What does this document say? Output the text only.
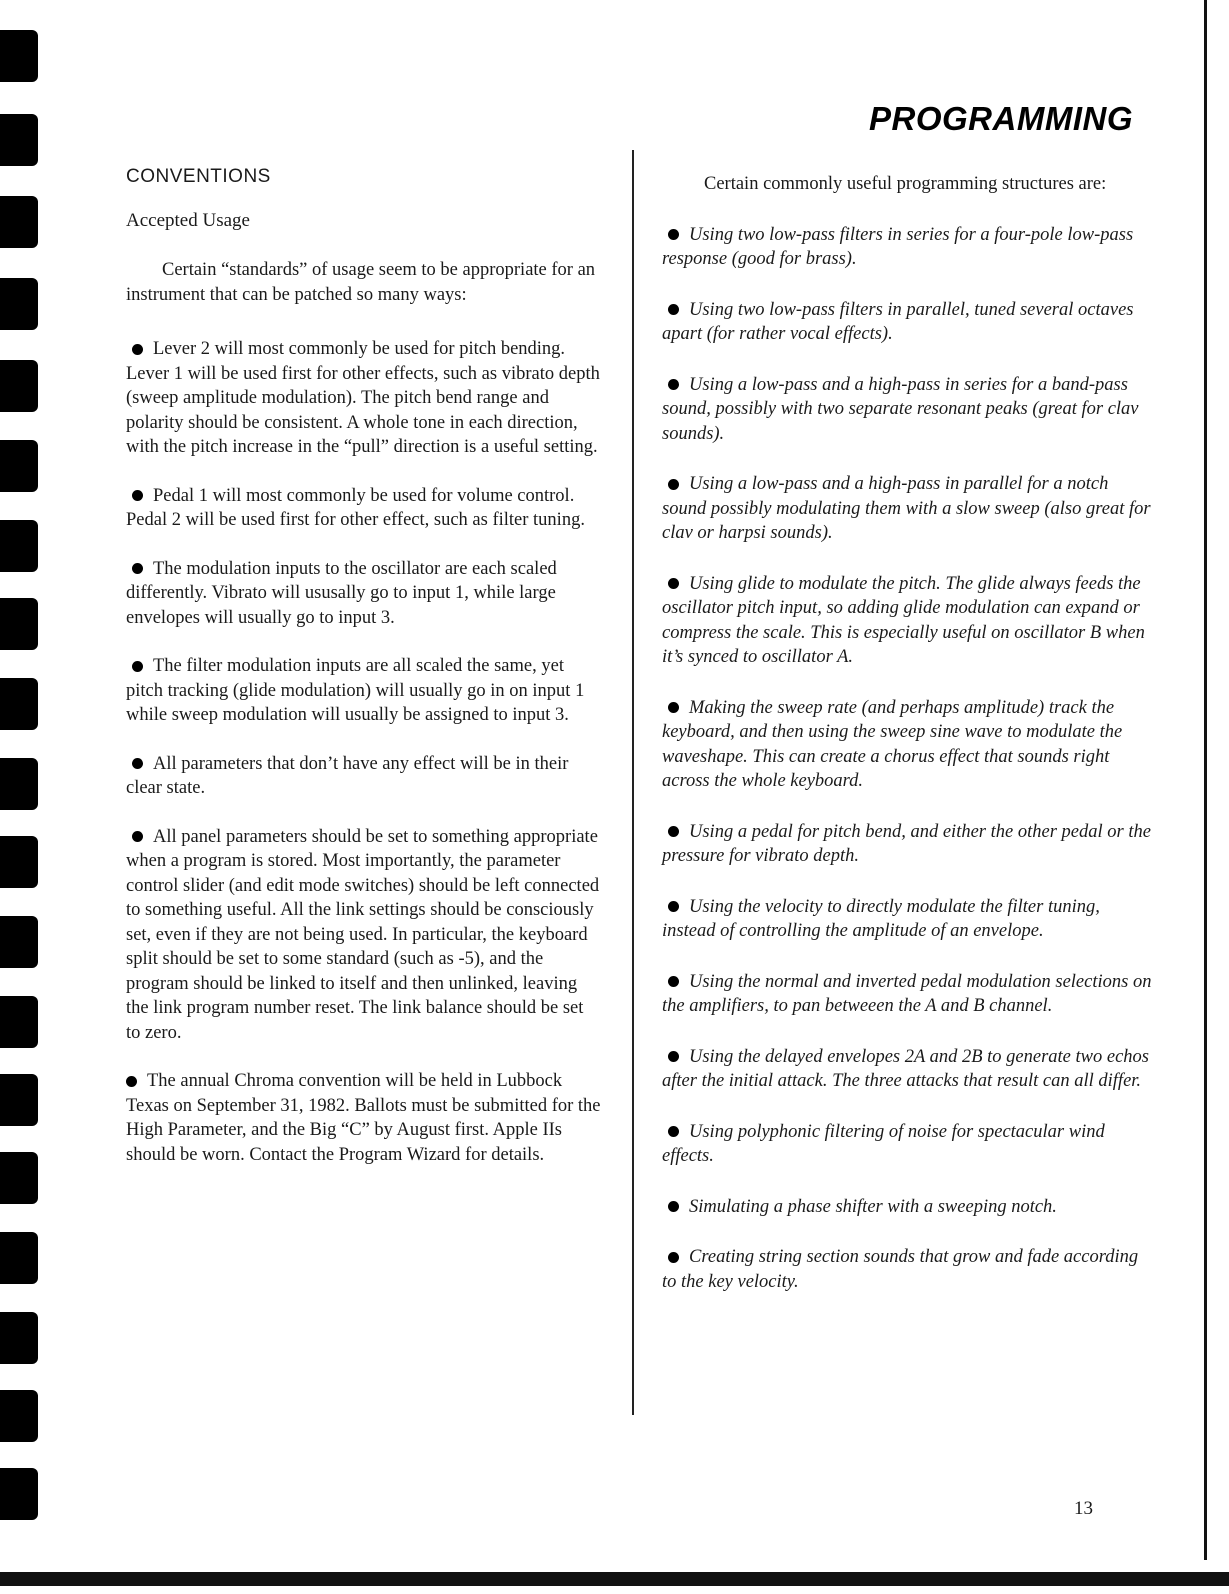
PROGRAMMING
CONVENTIONS
Accepted Usage

Certain “standards” of usage seem to be appropriate for an instrument that can be patched so many ways:

Lever 2 will most commonly be used for pitch bending. Lever 1 will be used first for other effects, such as vibrato depth (sweep amplitude modulation). The pitch bend range and polarity should be consistent. A whole tone in each direction, with the pitch increase in the “pull” direction is a useful setting.

Pedal 1 will most commonly be used for volume control. Pedal 2 will be used first for other effect, such as filter tuning.

The modulation inputs to the oscillator are each scaled differently. Vibrato will ususally go to input 1, while large envelopes will usually go to input 3.

The filter modulation inputs are all scaled the same, yet pitch tracking (glide modulation) will usually go in on input 1 while sweep modulation will usually be assigned to input 3.

All parameters that don’t have any effect will be in their clear state.

All panel parameters should be set to something appropriate when a program is stored. Most importantly, the parameter control slider (and edit mode switches) should be left connected to something useful. All the link settings should be consciously set, even if they are not being used. In particular, the keyboard split should be set to some standard (such as -5), and the program should be linked to itself and then unlinked, leaving the link program number reset. The link balance should be set to zero.

The annual Chroma convention will be held in Lubbock Texas on September 31, 1982. Ballots must be submitted for the High Parameter, and the Big “C” by August first. Apple IIs should be worn. Contact the Program Wizard for details.

Certain commonly useful programming structures are:

Using two low-pass filters in series for a four-pole low-pass response (good for brass).

Using two low-pass filters in parallel, tuned several octaves apart (for rather vocal effects).

Using a low-pass and a high-pass in series for a band-pass sound, possibly with two separate resonant peaks (great for clav sounds).

Using a low-pass and a high-pass in parallel for a notch sound possibly modulating them with a slow sweep (also great for clav or harpsi sounds).

Using glide to modulate the pitch. The glide always feeds the oscillator pitch input, so adding glide modulation can expand or compress the scale. This is especially useful on oscillator B when it’s synced to oscillator A.

Making the sweep rate (and perhaps amplitude) track the keyboard, and then using the sweep sine wave to modulate the waveshape. This can create a chorus effect that sounds right across the whole keyboard.

Using a pedal for pitch bend, and either the other pedal or the pressure for vibrato depth.

Using the velocity to directly modulate the filter tuning, instead of controlling the amplitude of an envelope.

Using the normal and inverted pedal modulation selections on the amplifiers, to pan betweeen the A and B channel.

Using the delayed envelopes 2A and 2B to generate two echos after the initial attack. The three attacks that result can all differ.

Using polyphonic filtering of noise for spectacular wind effects.

Simulating a phase shifter with a sweeping notch.

Creating string section sounds that grow and fade according to the key velocity.

13
